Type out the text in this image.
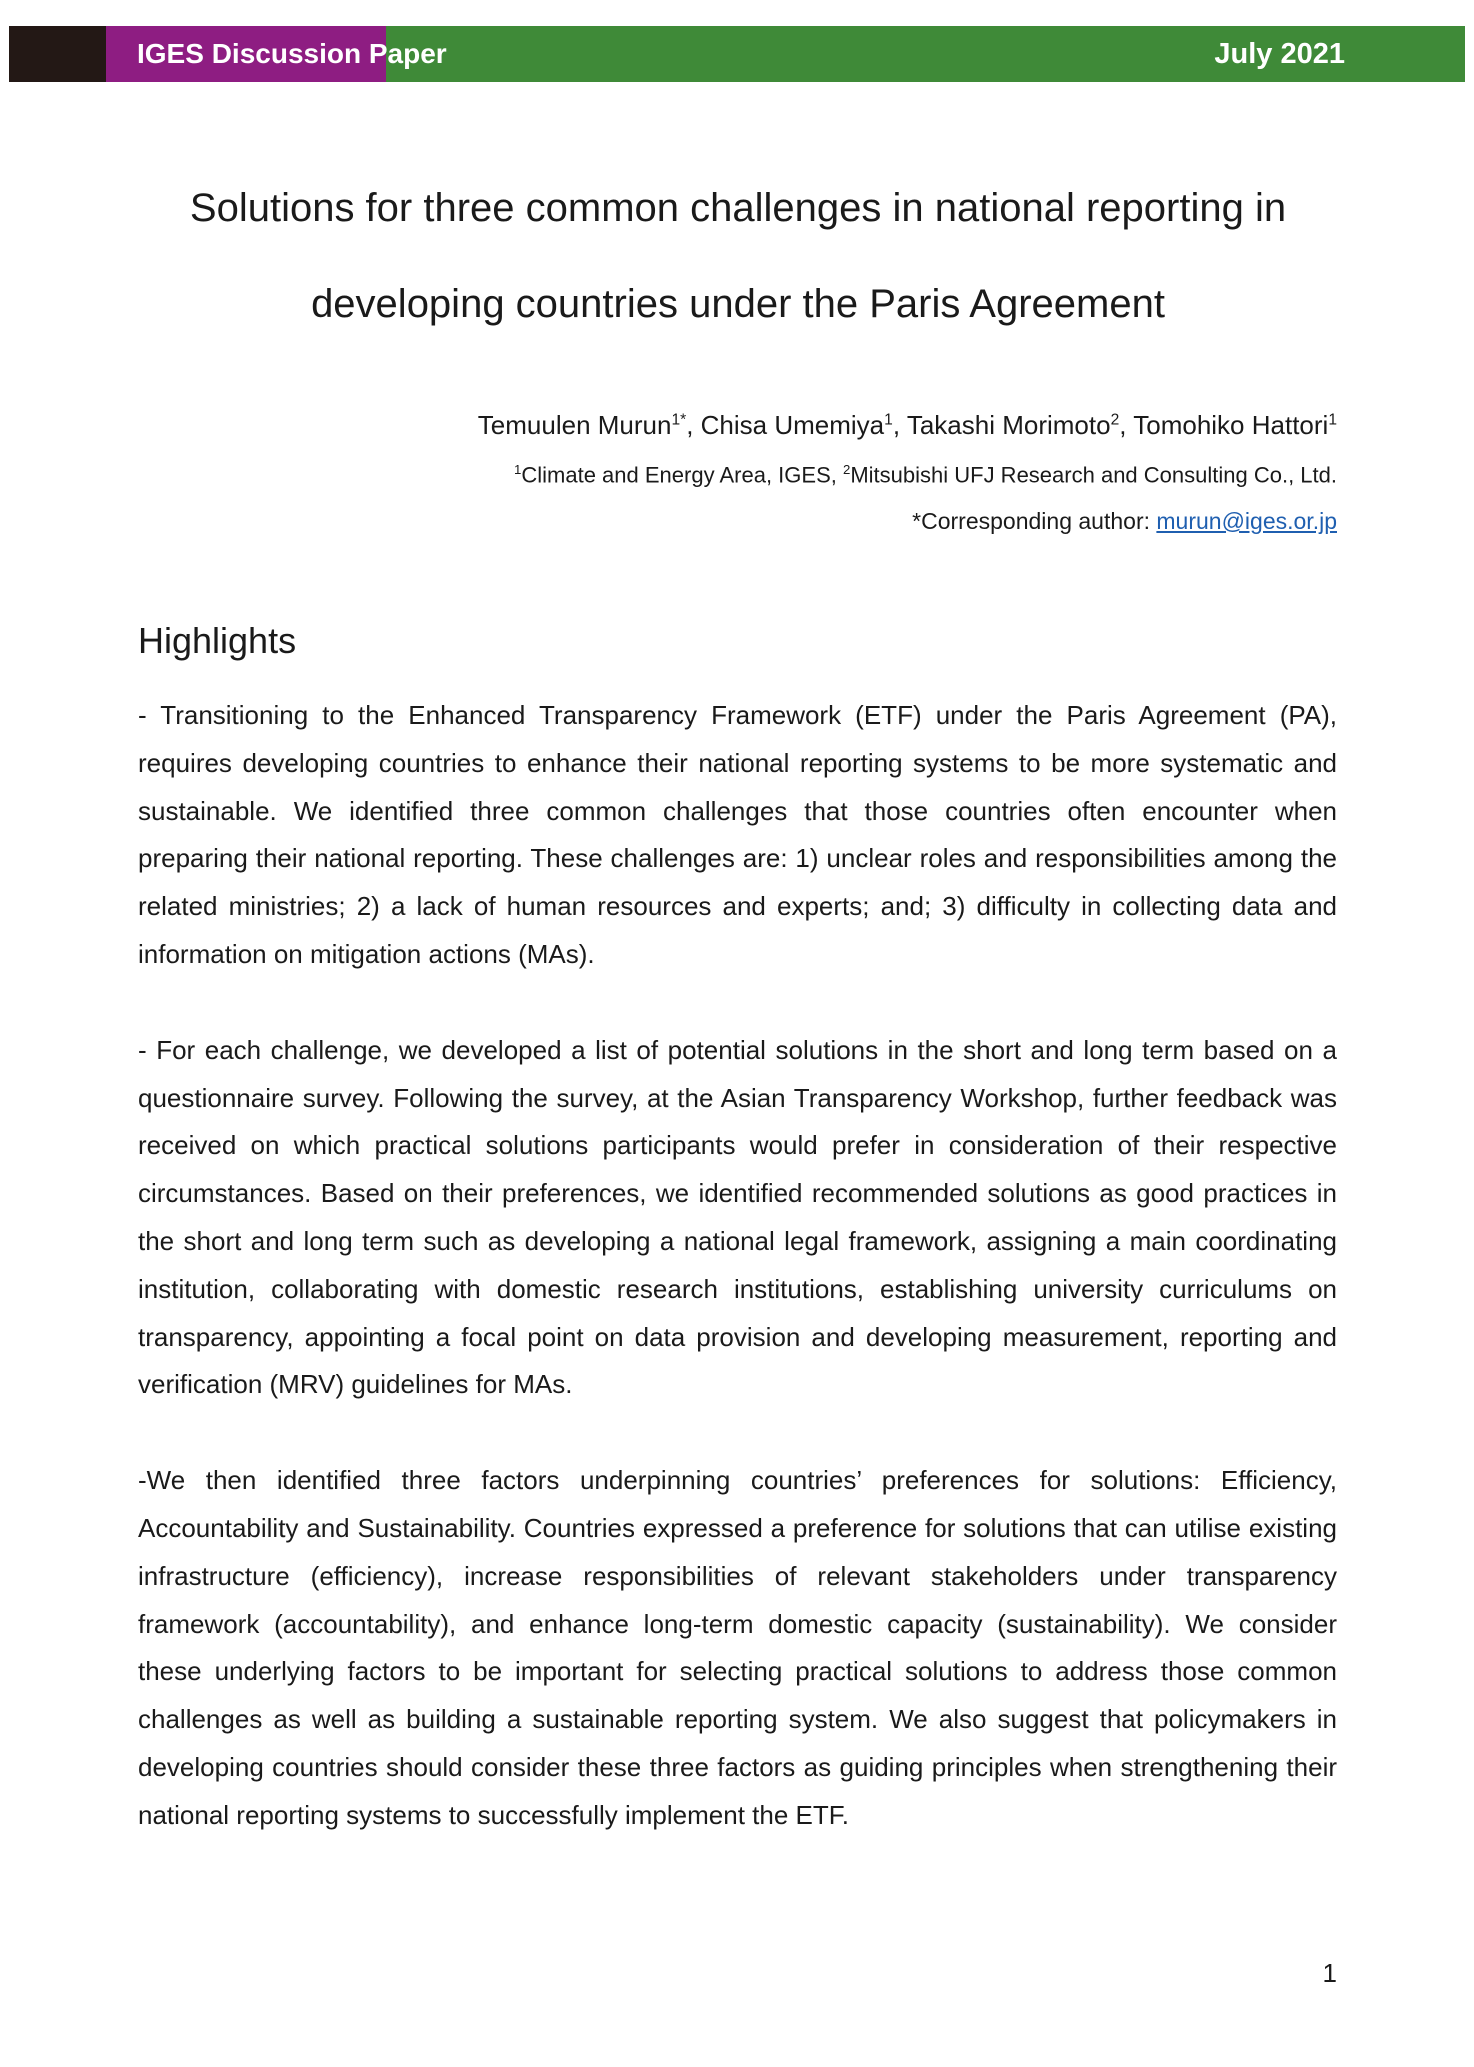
IGES Discussion Paper	July 2021
Solutions for three common challenges in national reporting in developing countries under the Paris Agreement
Temuulen Murun$^{1*}$, Chisa Umemiya$^1$, Takashi Morimoto$^2$, Tomohiko Hattori$^1$
$^1$Climate and Energy Area, IGES, $^2$Mitsubishi UFJ Research and Consulting Co., Ltd.
*Corresponding author: murun@iges.or.jp
Highlights

- Transitioning to the Enhanced Transparency Framework (ETF) under the Paris Agreement (PA), requires developing countries to enhance their national reporting systems to be more systematic and sustainable. We identified three common challenges that those countries often encounter when preparing their national reporting. These challenges are: 1) unclear roles and responsibilities among the related ministries; 2) a lack of human resources and experts; and; 3) difficulty in collecting data and information on mitigation actions (MAs).

- For each challenge, we developed a list of potential solutions in the short and long term based on a questionnaire survey. Following the survey, at the Asian Transparency Workshop, further feedback was received on which practical solutions participants would prefer in consideration of their respective circumstances. Based on their preferences, we identified recommended solutions as good practices in the short and long term such as developing a national legal framework, assigning a main coordinating institution, collaborating with domestic research institutions, establishing university curriculums on transparency, appointing a focal point on data provision and developing measurement, reporting and verification (MRV) guidelines for MAs.

-We then identified three factors underpinning countries’ preferences for solutions: Efficiency, Accountability and Sustainability. Countries expressed a preference for solutions that can utilise existing infrastructure (efficiency), increase responsibilities of relevant stakeholders under transparency framework (accountability), and enhance long-term domestic capacity (sustainability). We consider these underlying factors to be important for selecting practical solutions to address those common challenges as well as building a sustainable reporting system. We also suggest that policymakers in developing countries should consider these three factors as guiding principles when strengthening their national reporting systems to successfully implement the ETF.

1
